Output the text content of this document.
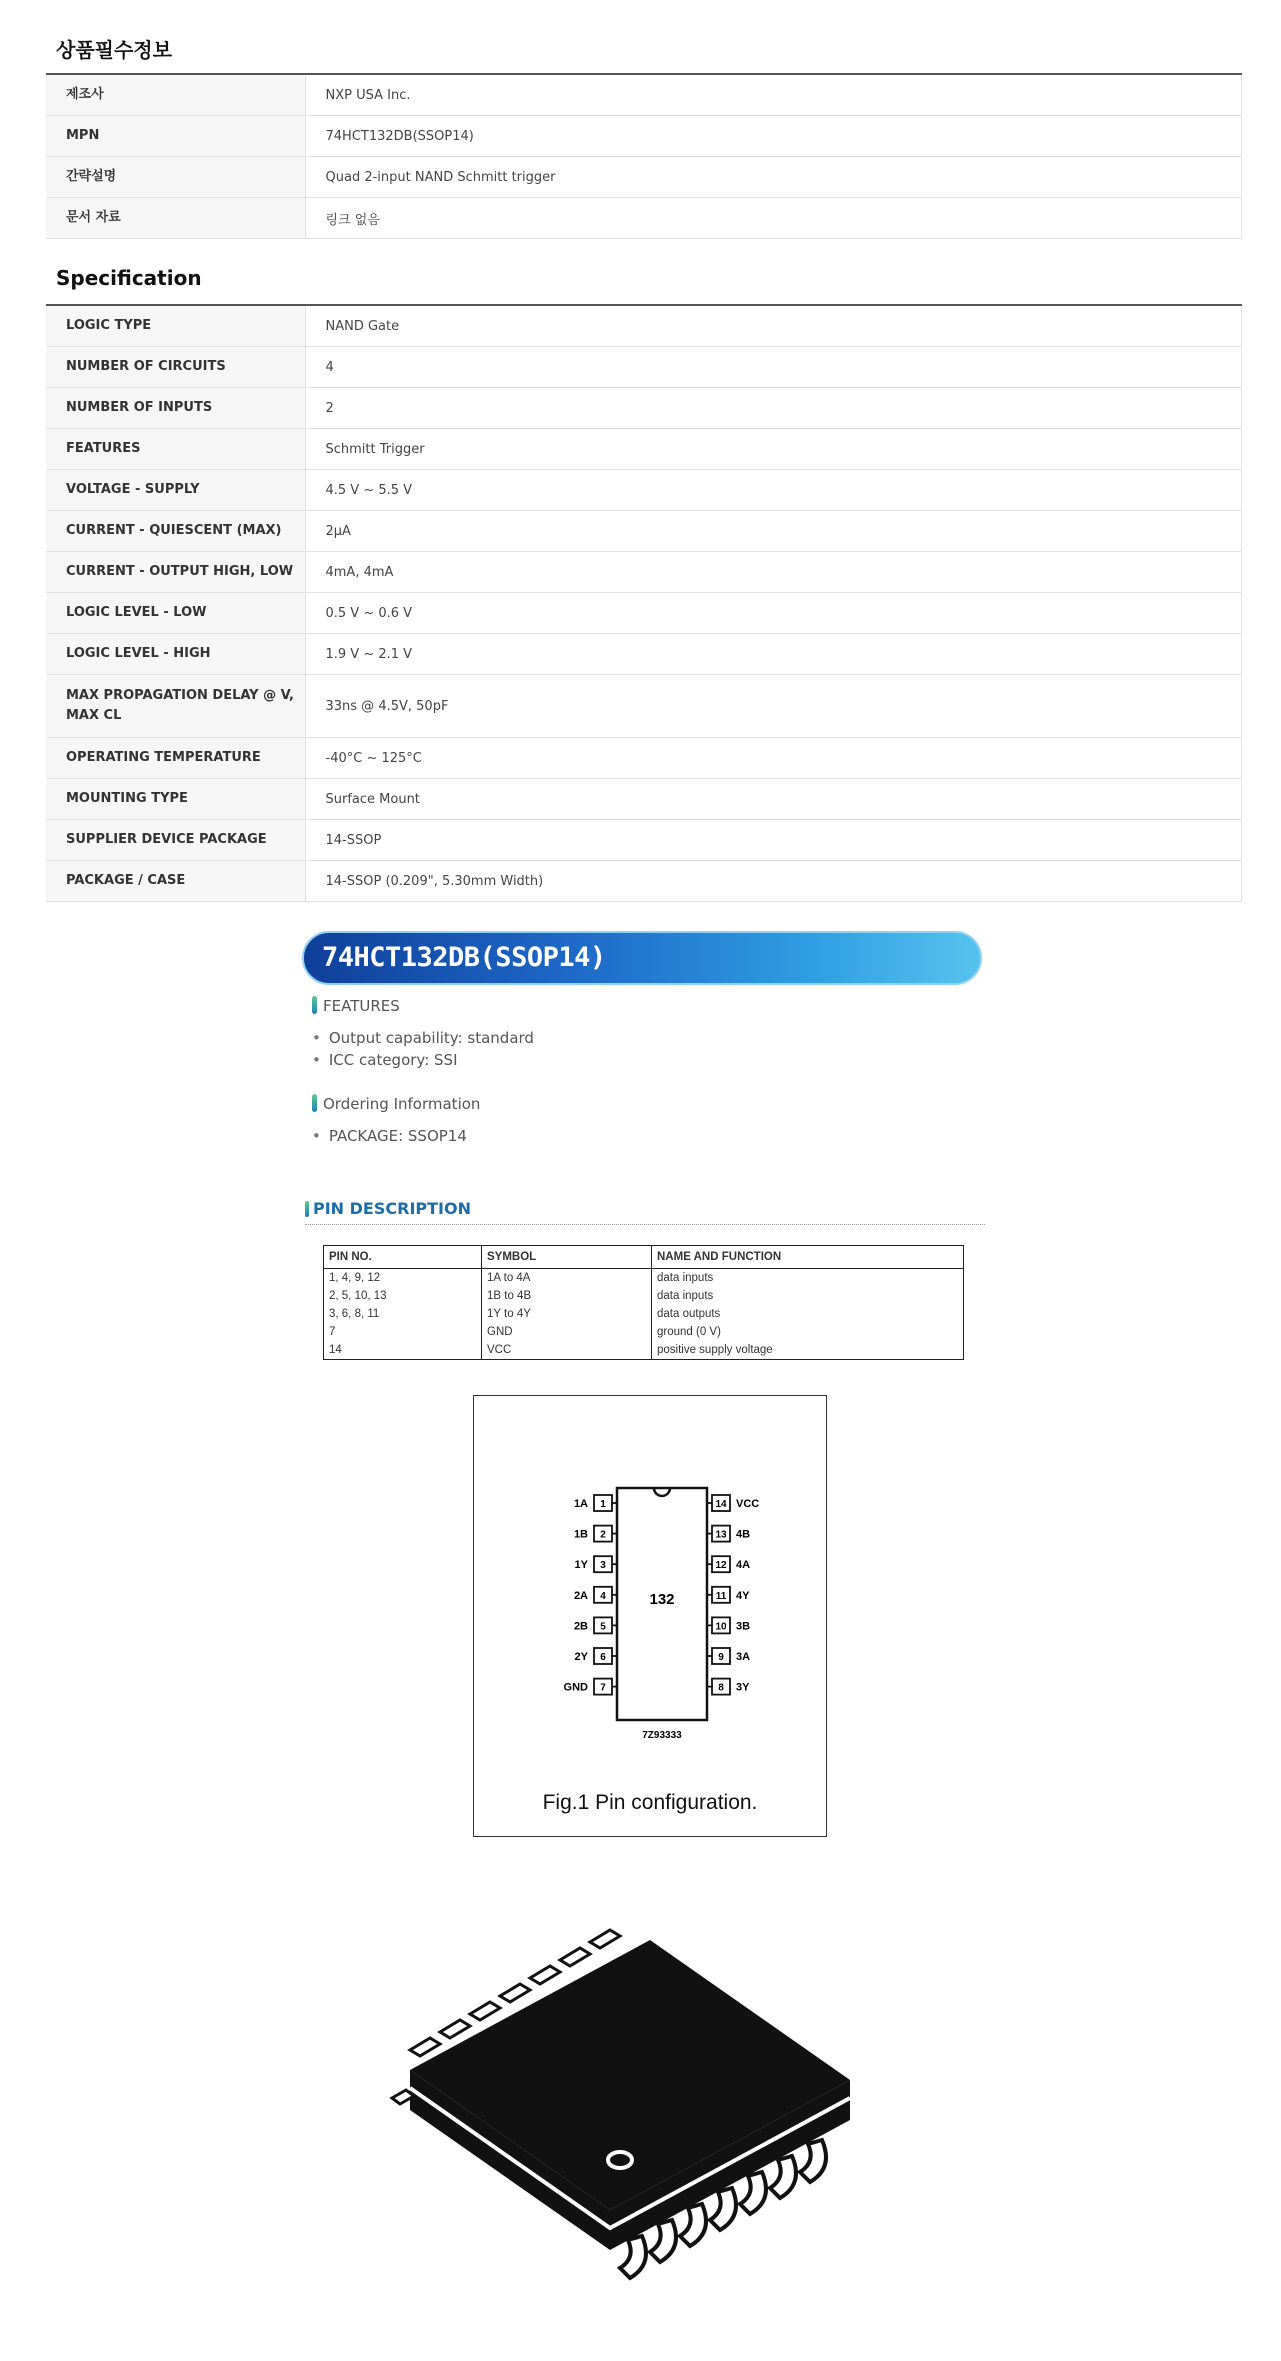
상품필수정보
제조사	NXP USA Inc.
MPN	74HCT132DB(SSOP14)
간략설명	Quad 2-input NAND Schmitt trigger
문서 자료	링크 없음
Specification
LOGIC TYPE	NAND Gate
NUMBER OF CIRCUITS	4
NUMBER OF INPUTS	2
FEATURES	Schmitt Trigger
VOLTAGE - SUPPLY	4.5 V ~ 5.5 V
CURRENT - QUIESCENT (MAX)	2µA
CURRENT - OUTPUT HIGH, LOW	4mA, 4mA
LOGIC LEVEL - LOW	0.5 V ~ 0.6 V
LOGIC LEVEL - HIGH	1.9 V ~ 2.1 V
MAX PROPAGATION DELAY @ V, MAX CL	33ns @ 4.5V, 50pF
OPERATING TEMPERATURE	-40°C ~ 125°C
MOUNTING TYPE	Surface Mount
SUPPLIER DEVICE PACKAGE	14-SSOP
PACKAGE / CASE	14-SSOP (0.209", 5.30mm Width)
74HCT132DB(SSOP14)
FEATURES
• Output capability: standard
• ICC category: SSI
Ordering Information
• PACKAGE: SSOP14
PIN DESCRIPTION
PIN NO.	SYMBOL	NAME AND FUNCTION
1, 4, 9, 12	1A to 4A	data inputs
2, 5, 10, 13	1B to 4B	data inputs
3, 6, 8, 11	1Y to 4Y	data outputs
7	GND	ground (0 V)
14	VCC	positive supply voltage
132
7Z93333
1
1A
2
1B
3
1Y
4
2A
5
2B
6
2Y
7
GND
14 VCC
13 4B
12 4A
11 4Y
10 3B
9 3A
8 3Y
Fig.1 Pin configuration.
